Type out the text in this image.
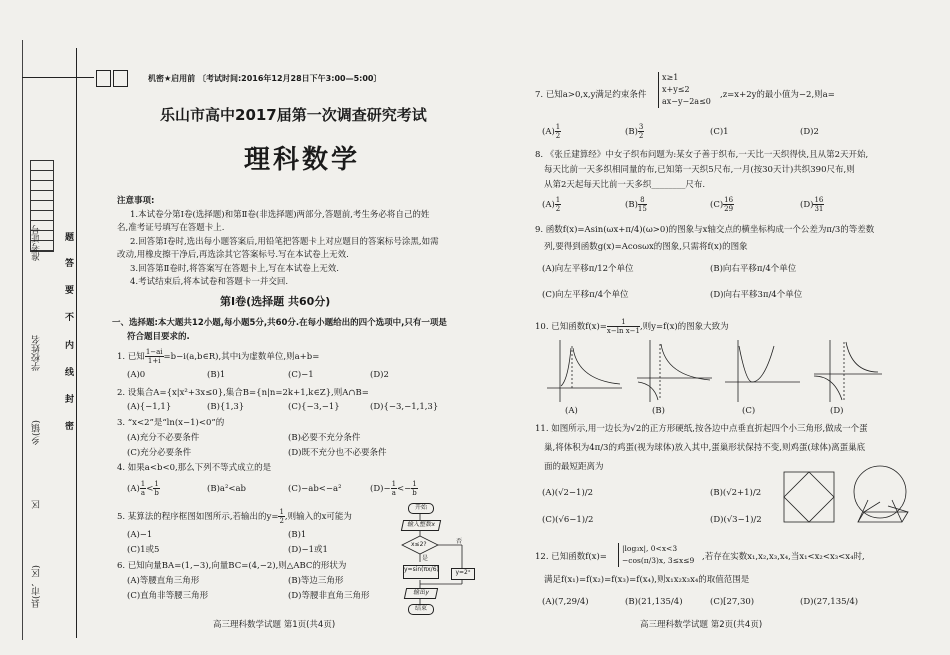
准考证号
学校姓名
乡(镇)
区
县(市、区)
题
答
要
不
内
线
封
密
机密★启用前 〔考试时间:2016年12月28日下午3:00—5:00〕
乐山市高中2017届第一次调查研究考试
理科数学
注意事项:
1.本试卷分第Ⅰ卷(选择题)和第Ⅱ卷(非选择题)两部分,答题前,考生务必将自己的姓
名,准考证号填写在答题卡上.
2.回答第Ⅰ卷时,选出每小题答案后,用铅笔把答题卡上对应题目的答案标号涂黑,如需
改动,用橡皮擦干净后,再选涂其它答案标号.写在本试卷上无效.
3.回答第Ⅱ卷时,将答案写在答题卡上,写在本试卷上无效.
4.考试结束后,将本试卷和答题卡一并交回.
第Ⅰ卷(选择题 共60分)
一、选择题:本大题共12小题,每小题5分,共60分.在每小题给出的四个选项中,只有一项是
符合题目要求的.
1. 已知 $\frac{1-ai}{1+i}$ =b−i(a,b∈R),其中i为虚数单位,则a+b=
(A)0	(B)1	(C)−1	(D)2
2. 设集合A={x|x²+3x≤0},集合B={n|n=2k+1,k∈Z},则A∩B=
(A){−1,1}	(B){1,3}	(C){−3,−1}	(D){−3,−1,1,3}
3. “x<2”是“ln(x−1)<0”的
(A)充分不必要条件	(B)必要不充分条件
(C)充分必要条件	(D)既不充分也不必要条件
4. 如果a<b<0,那么下列不等式成立的是
$(A) \frac{1}{a} < \frac{1}{b}$	(B)a²<ab	(C)−ab<−a²	$(D)- \frac{1}{a} <- \frac{1}{b}$
5. 某算法的程序框图如图所示,若输出的$y= \frac{1}{2}$ ,则输入的x可能为
(A)−1	(B)1
(C)1或5	(D)−1或1
6. 已知向量BA=(1,−3),向量BC=(4,−2),则△ABC的形状为
(A)等腰直角三角形	(B)等边三角形
(C)直角非等腰三角形	(D)等腰非直角三角形
开始
输入整数x
x≤2?	否
是
y=sin(πx/6)	y=2ˣ
输出y
结束
高三理科数学试题 第1页(共4页)
7. 已知a>0,x,y满足约束条件
x≥1
x+y≤2
ax−y−2a≤0
,z=x+2y的最小值为−2,则a=
$(A) \frac{1}{2}$	$(B) \frac{3}{2}$	(C)1	(D)2
8. 《张丘建算经》中女子织布问题为:某女子善于织布,一天比一天织得快,且从第2天开始,
每天比前一天多织相同量的布,已知第一天织5尺布,一月(按30天计)共织390尺布,则
从第2天起每天比前一天多织________尺布.
$(A) \frac{1}{2}$	$(B) \frac{8}{15}$	$(C) \frac{16}{29}$	$(D) \frac{16}{31}$
9. 函数f(x)=Asin(ωx+π/4)(ω>0)的图象与x轴交点的横坐标构成一个公差为π/3的等差数
列,要得到函数g(x)=Acosωx的图象,只需将f(x)的图象
(A)向左平移π/12个单位	(B)向右平移π/4个单位
(C)向左平移π/4个单位	(D)向右平移3π/4个单位
10. 已知函数$f(x)= \frac{1}{\text{x−ln x−1}}$ ,则y=f(x)的图象大致为
(A)	(B)	(C)	(D)
11. 如图所示,用一边长为√2的正方形硬纸,按各边中点垂直折起四个小三角形,做成一个蛋
巢,将体积为4π/3的鸡蛋(视为球体)放入其中,蛋巢形状保持不变,则鸡蛋(球体)离蛋巢底
面的最短距离为
(A)(√2−1)/2	(B)(√2+1)/2
(C)(√6−1)/2	(D)(√3−1)/2
12. 已知函数f(x)=
|log₃x|, 0<x<3
−cos(π/3)x, 3≤x≤9 ,若存在实数x₁,x₂,x₃,x₄,当x₁<x₂<x₃<x₄时,
满足f(x₁)=f(x₂)=f(x₃)=f(x₄),则x₁x₂x₃x₄的取值范围是
(A)(7,29/4)	(B)(21,135/4)	(C)[27,30)	(D)(27,135/4)
高三理科数学试题 第2页(共4页)
